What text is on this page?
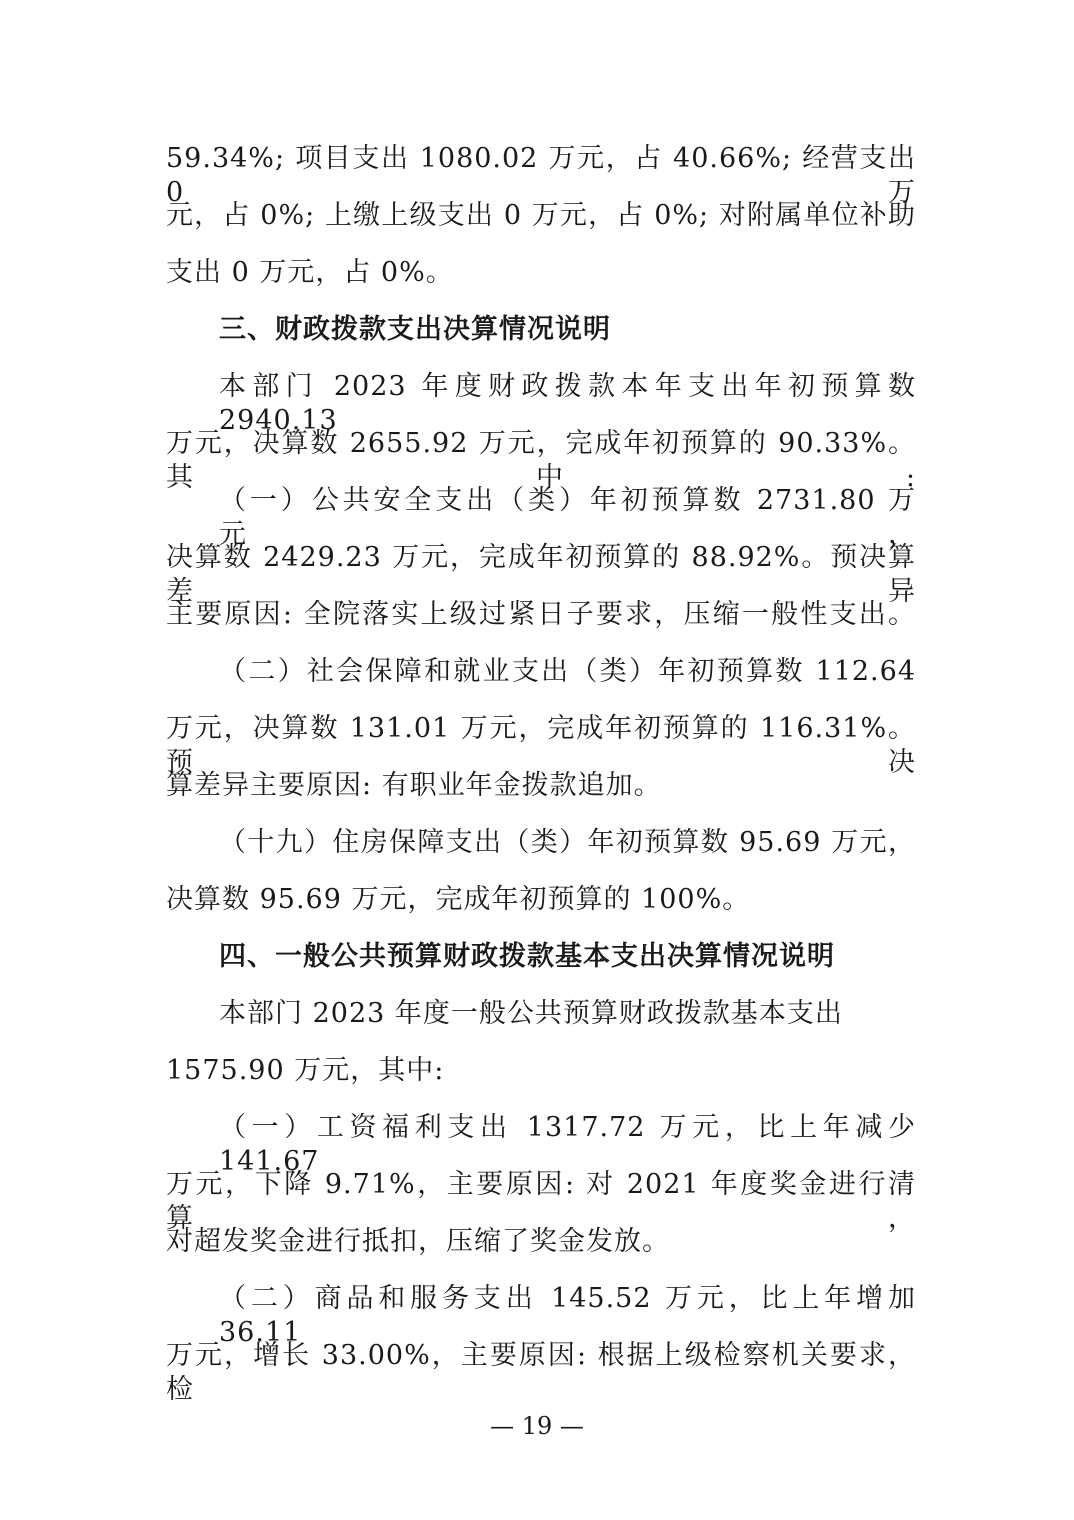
59.34%; 项目支出 1080.02 万元，占 40.66%; 经营支出 0 万
元，占 0%; 上缴上级支出 0 万元，占 0%; 对附属单位补助
支出 0 万元，占 0%。
三、财政拨款支出决算情况说明
本部门 2023 年度财政拨款本年支出年初预算数 2940.13
万元，决算数 2655.92 万元，完成年初预算的 90.33%。其中:
（一）公共安全支出（类）年初预算数 2731.80 万元，
决算数 2429.23 万元，完成年初预算的 88.92%。预决算差异
主要原因: 全院落实上级过紧日子要求，压缩一般性支出。
（二）社会保障和就业支出（类）年初预算数 112.64
万元，决算数 131.01 万元，完成年初预算的 116.31%。预决
算差异主要原因: 有职业年金拨款追加。
（十九）住房保障支出（类）年初预算数 95.69 万元，
决算数 95.69 万元，完成年初预算的 100%。
四、一般公共预算财政拨款基本支出决算情况说明
本部门 2023 年度一般公共预算财政拨款基本支出
1575.90 万元，其中:
（一）工资福利支出 1317.72 万元，比上年减少 141.67
万元，下降 9.71%，主要原因: 对 2021 年度奖金进行清算，
对超发奖金进行抵扣，压缩了奖金发放。
（二）商品和服务支出 145.52 万元，比上年增加 36.11
万元，增长 33.00%，主要原因: 根据上级检察机关要求，检
— 19 —
